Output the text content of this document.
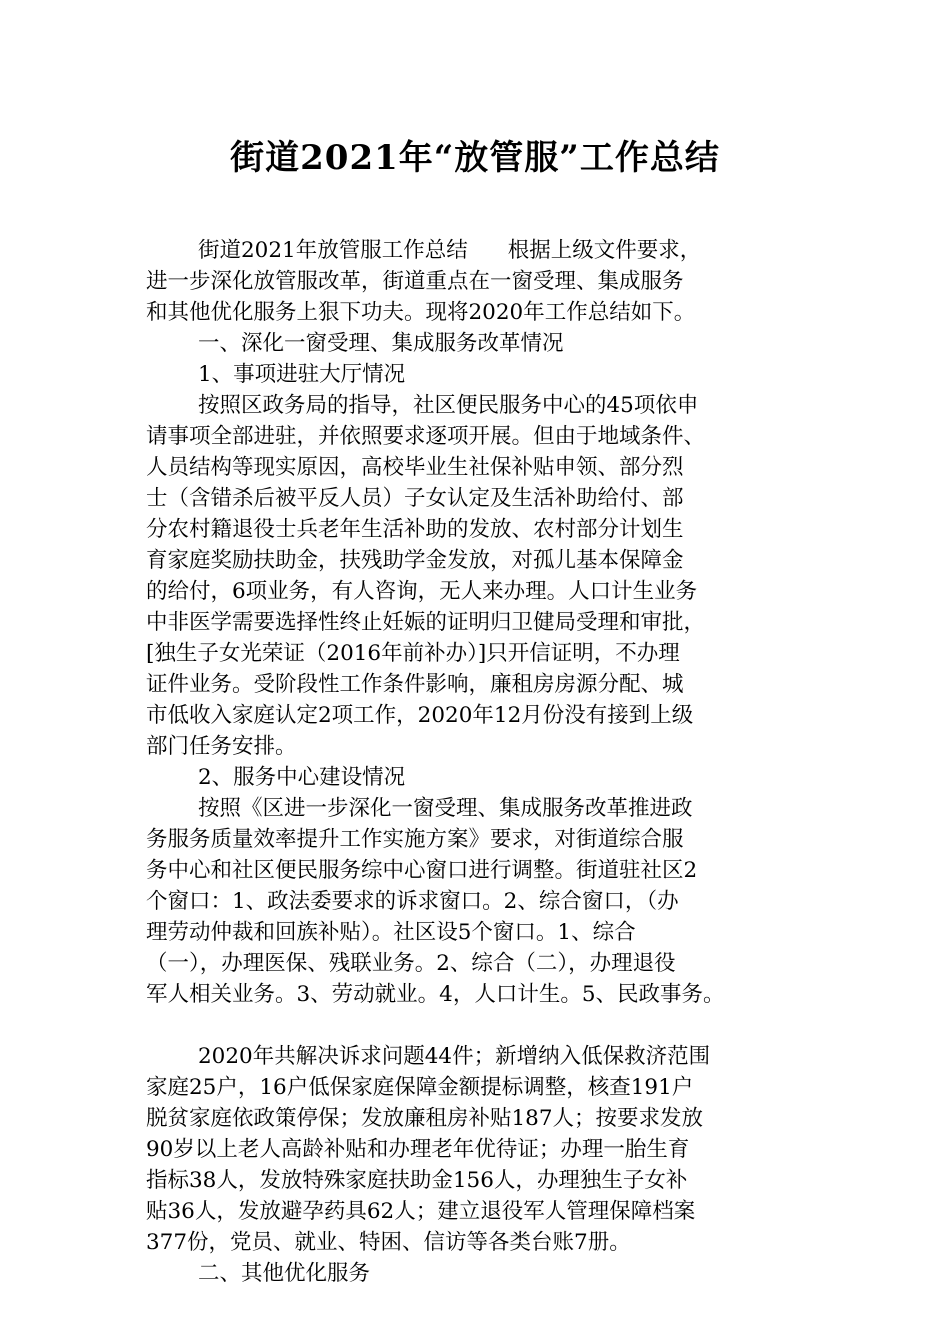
街道2021年“放管服”工作总结
街道2021年放管服工作总结 根据上级文件要求，
进一步深化放管服改革，街道重点在一窗受理、集成服务
和其他优化服务上狠下功夫。现将2020年工作总结如下。
一、深化一窗受理、集成服务改革情况
1、事项进驻大厅情况
按照区政务局的指导，社区便民服务中心的45项依申
请事项全部进驻，并依照要求逐项开展。但由于地域条件、
人员结构等现实原因，高校毕业生社保补贴申领、部分烈
士（含错杀后被平反人员）子女认定及生活补助给付、部
分农村籍退役士兵老年生活补助的发放、农村部分计划生
育家庭奖励扶助金，扶残助学金发放，对孤儿基本保障金
的给付，6项业务，有人咨询，无人来办理。人口计生业务
中非医学需要选择性终止妊娠的证明归卫健局受理和审批，
[独生子女光荣证（2016年前补办）]只开信证明，不办理
证件业务。受阶段性工作条件影响，廉租房房源分配、城
市低收入家庭认定2项工作，2020年12月份没有接到上级
部门任务安排。
2、服务中心建设情况
按照《区进一步深化一窗受理、集成服务改革推进政
务服务质量效率提升工作实施方案》要求，对街道综合服
务中心和社区便民服务综中心窗口进行调整。街道驻社区2
个窗口：1、政法委要求的诉求窗口。2、综合窗口，（办
理劳动仲裁和回族补贴）。社区设5个窗口。1、综合
（一），办理医保、残联业务。2、综合（二），办理退役
军人相关业务。3、劳动就业。4，人口计生。5、民政事务。
2020年共解决诉求问题44件；新增纳入低保救济范围
家庭25户，16户低保家庭保障金额提标调整，核查191户
脱贫家庭依政策停保；发放廉租房补贴187人；按要求发放
90岁以上老人高龄补贴和办理老年优待证；办理一胎生育
指标38人，发放特殊家庭扶助金156人，办理独生子女补
贴36人，发放避孕药具62人；建立退役军人管理保障档案
377份，党员、就业、特困、信访等各类台账7册。
二、其他优化服务
